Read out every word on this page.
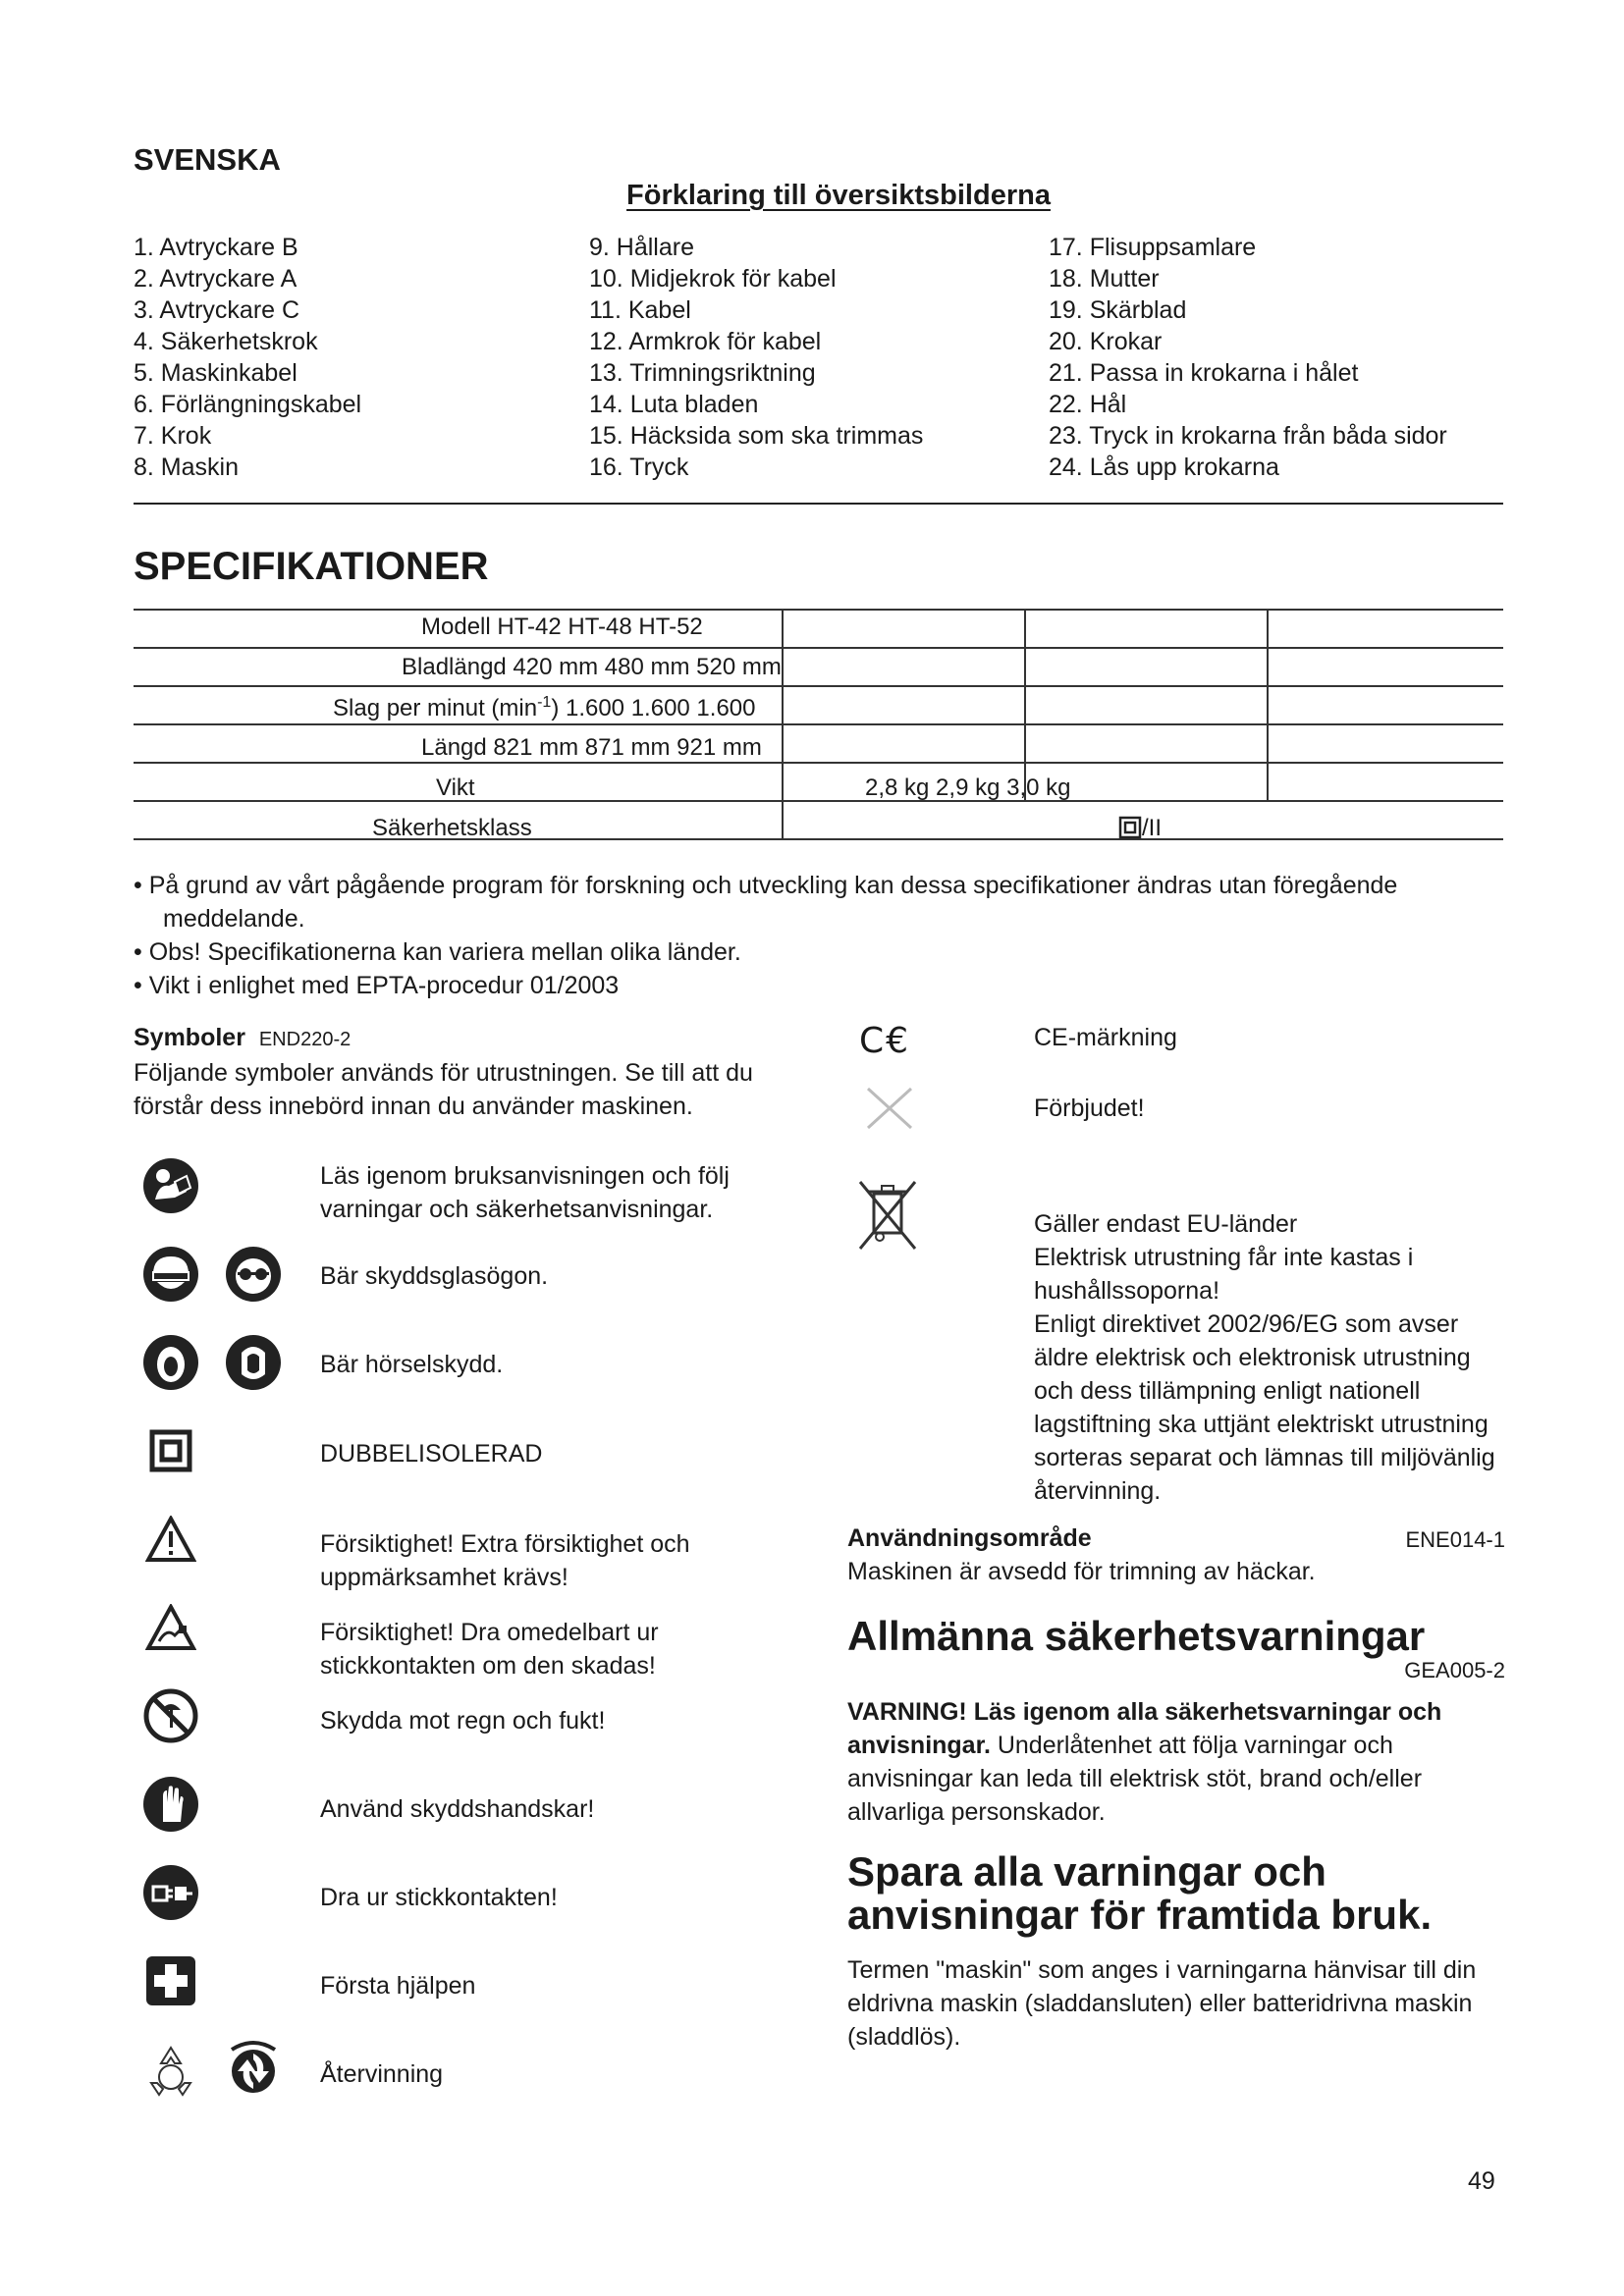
SVENSKA
Förklaring till översiktsbilderna
1. Avtryckare B
2. Avtryckare A
3. Avtryckare C
4. Säkerhetskrok
5. Maskinkabel
6. Förlängningskabel
7. Krok
8. Maskin
9. Hållare
10. Midjekrok för kabel
11. Kabel
12. Armkrok för kabel
13. Trimningsriktning
14. Luta bladen
15. Häcksida som ska trimmas
16. Tryck
17. Flisuppsamlare
18. Mutter
19. Skärblad
20. Krokar
21. Passa in krokarna i hålet
22. Hål
23. Tryck in krokarna från båda sidor
24. Lås upp krokarna
SPECIFIKATIONER

Modell HT-42 HT-48 HT-52
Bladlängd 420 mm 480 mm 520 mm
Slag per minut $(\min^{-1})$ 1.600 1.600 1.600
Längd 821 mm 871 mm 921 mm
Vikt	2,8 kg 2,9 kg 3,0 kg
Säkerhetsklass	/II
• På grund av vårt pågående program för forskning och utveckling kan dessa specifikationer ändras utan föregående meddelande.
• Obs! Specifikationerna kan variera mellan olika länder.
• Vikt i enlighet med EPTA-procedur 01/2003
Symboler END220-2
Följande symboler används för utrustningen. Se till att du förstår dess innebörd innan du använder maskinen.
Läs igenom bruksanvisningen och följ varningar och säkerhetsanvisningar.
Bär skyddsglasögon.
Bär hörselskydd.
DUBBELISOLERAD
Försiktighet! Extra försiktighet och uppmärksamhet krävs!
Försiktighet! Dra omedelbart ur stickkontakten om den skadas!
Skydda mot regn och fukt!
Använd skyddshandskar!
Dra ur stickkontakten!
Första hjälpen
Återvinning
C€	CE-märkning
Förbjudet!
Gäller endast EU-länder
Elektrisk utrustning får inte kastas i hushållssoporna!
Enligt direktivet 2002/96/EG som avser äldre elektrisk och elektronisk utrustning och dess tillämpning enligt nationell lagstiftning ska uttjänt elektriskt utrustning sorteras separat och lämnas till miljövänlig återvinning.
Användningsområde	ENE014-1
Maskinen är avsedd för trimning av häckar.
Allmänna säkerhetsvarningar
GEA005-2
VARNING! Läs igenom alla säkerhetsvarningar och anvisningar. Underlåtenhet att följa varningar och anvisningar kan leda till elektrisk stöt, brand och/eller allvarliga personskador.
Spara alla varningar och anvisningar för framtida bruk.
Termen "maskin" som anges i varningarna hänvisar till din eldrivna maskin (sladdansluten) eller batteridrivna maskin (sladdlös).
49
